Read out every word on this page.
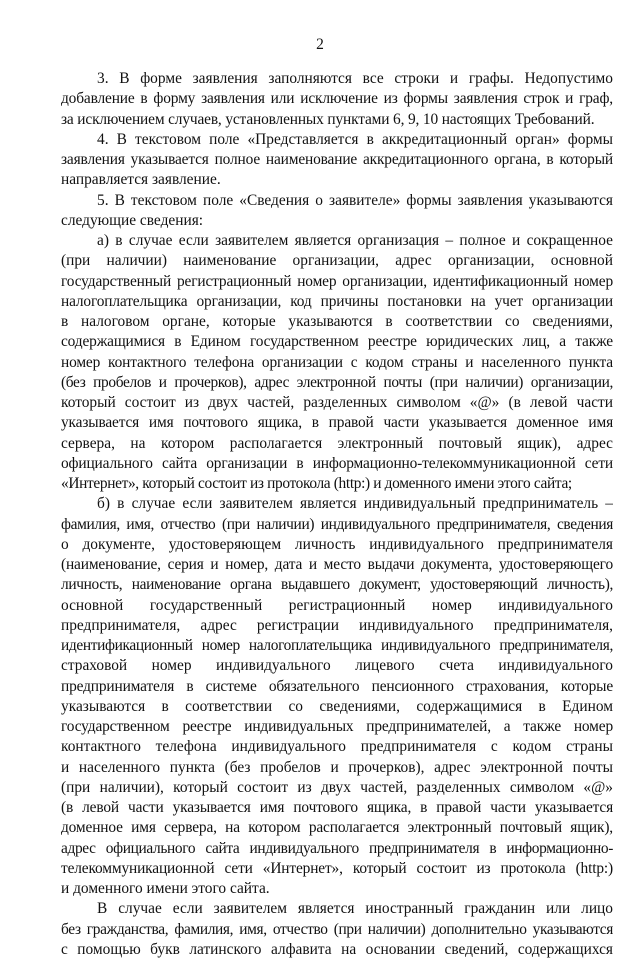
2
3. В форме заявления заполняются все строки и графы. Недопустимо
добавление в форму заявления или исключение из формы заявления строк и граф,
за исключением случаев, установленных пунктами 6, 9, 10 настоящих Требований.
4. В текстовом поле «Представляется в аккредитационный орган» формы
заявления указывается полное наименование аккредитационного органа, в который
направляется заявление.
5. В текстовом поле «Сведения о заявителе» формы заявления указываются
следующие сведения:
а) в случае если заявителем является организация – полное и сокращенное
(при наличии) наименование организации, адрес организации, основной
государственный регистрационный номер организации, идентификационный номер
налогоплательщика организации, код причины постановки на учет организации
в налоговом органе, которые указываются в соответствии со сведениями,
содержащимися в Едином государственном реестре юридических лиц, а также
номер контактного телефона организации с кодом страны и населенного пункта
(без пробелов и прочерков), адрес электронной почты (при наличии) организации,
который состоит из двух частей, разделенных символом «@» (в левой части
указывается имя почтового ящика, в правой части указывается доменное имя
сервера, на котором располагается электронный почтовый ящик), адрес
официального сайта организации в информационно-телекоммуникационной сети
«Интернет», который состоит из протокола (http:) и доменного имени этого сайта;
б) в случае если заявителем является индивидуальный предприниматель –
фамилия, имя, отчество (при наличии) индивидуального предпринимателя, сведения
о документе, удостоверяющем личность индивидуального предпринимателя
(наименование, серия и номер, дата и место выдачи документа, удостоверяющего
личность, наименование органа выдавшего документ, удостоверяющий личность),
основной государственный регистрационный номер индивидуального
предпринимателя, адрес регистрации индивидуального предпринимателя,
идентификационный номер налогоплательщика индивидуального предпринимателя,
страховой номер индивидуального лицевого счета индивидуального
предпринимателя в системе обязательного пенсионного страхования, которые
указываются в соответствии со сведениями, содержащимися в Едином
государственном реестре индивидуальных предпринимателей, а также номер
контактного телефона индивидуального предпринимателя с кодом страны
и населенного пункта (без пробелов и прочерков), адрес электронной почты
(при наличии), который состоит из двух частей, разделенных символом «@»
(в левой части указывается имя почтового ящика, в правой части указывается
доменное имя сервера, на котором располагается электронный почтовый ящик),
адрес официального сайта индивидуального предпринимателя в информационно-
телекоммуникационной сети «Интернет», который состоит из протокола (http:)
и доменного имени этого сайта.
В случае если заявителем является иностранный гражданин или лицо
без гражданства, фамилия, имя, отчество (при наличии) дополнительно указываются
с помощью букв латинского алфавита на основании сведений, содержащихся
